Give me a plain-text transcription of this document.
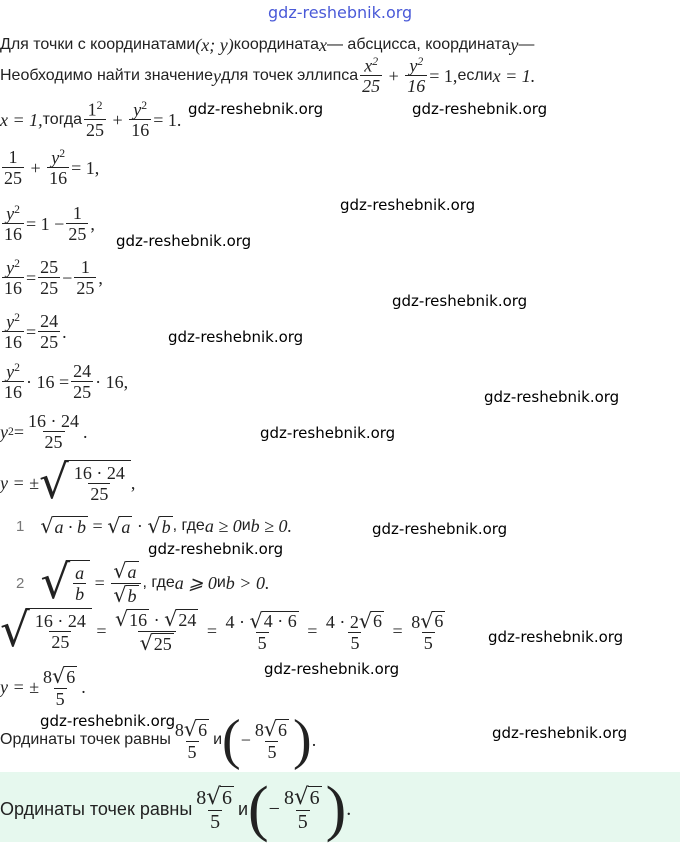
gdz-reshebnik.org
Для точки с координатами (x; y) координата x — абсцисса, координата y —
Необходимо найти значение y для точек эллипса $\frac{x^2}{25} + \frac{y^2}{16} = 1$, если x = 1.
x = 1, тогда $\frac{1^2}{25} + \frac{y^2}{16} = 1$.
$\frac{1}{25} + \frac{y^2}{16} = 1$,
$\frac{y^2}{16} = 1 - \frac{1}{25}$ ,
$\frac{y^2}{16} = \frac{25}{25} - \frac{1}{25}$ ,
$\frac{y^2}{16} = \frac{24}{25}$ .
$\frac{y^2}{16} \cdot 16 = \frac{24}{25} \cdot 16$,
y $2 = \frac{16 \cdot 24}{25}$ .
y = ± √ $\frac{16 \cdot 24}{25}$ ,
1 √ a · b = √ a
·
√ b , где a ≥ 0 и b ≥ 0.
2 √ $\frac{a}{b} = \frac{√ a}{√ b}$ , где a ⩾ 0 и b > 0.
√ $\frac{16 \cdot 24}{25}$
=
$\frac{√ 16 \cdot √ 24}{√ 25}$
=
$\frac{4 \cdot √ 4 \cdot 6}{5}$
=
$\frac{4 \cdot 2 √ 6}{5}$
=
$\frac{8 √ 6}{5}$
y = ± $\frac{8 √ 6}{5}$ .
Ординаты точек равны $\frac{8 √ 6}{5}$ и ( − $\frac{8 √ 6}{5}$ ) .
Ординаты точек равны $\frac{8 √ 6}{5}$ и ( − $\frac{8 √ 6}{5}$ ) .
gdz-reshebnik.org	gdz-reshebnik.org
gdz-reshebnik.org
gdz-reshebnik.org
gdz-reshebnik.org
gdz-reshebnik.org
gdz-reshebnik.org
gdz-reshebnik.org
gdz-reshebnik.org
gdz-reshebnik.org
gdz-reshebnik.org
gdz-reshebnik.org
gdz-reshebnik.org
gdz-reshebnik.org
